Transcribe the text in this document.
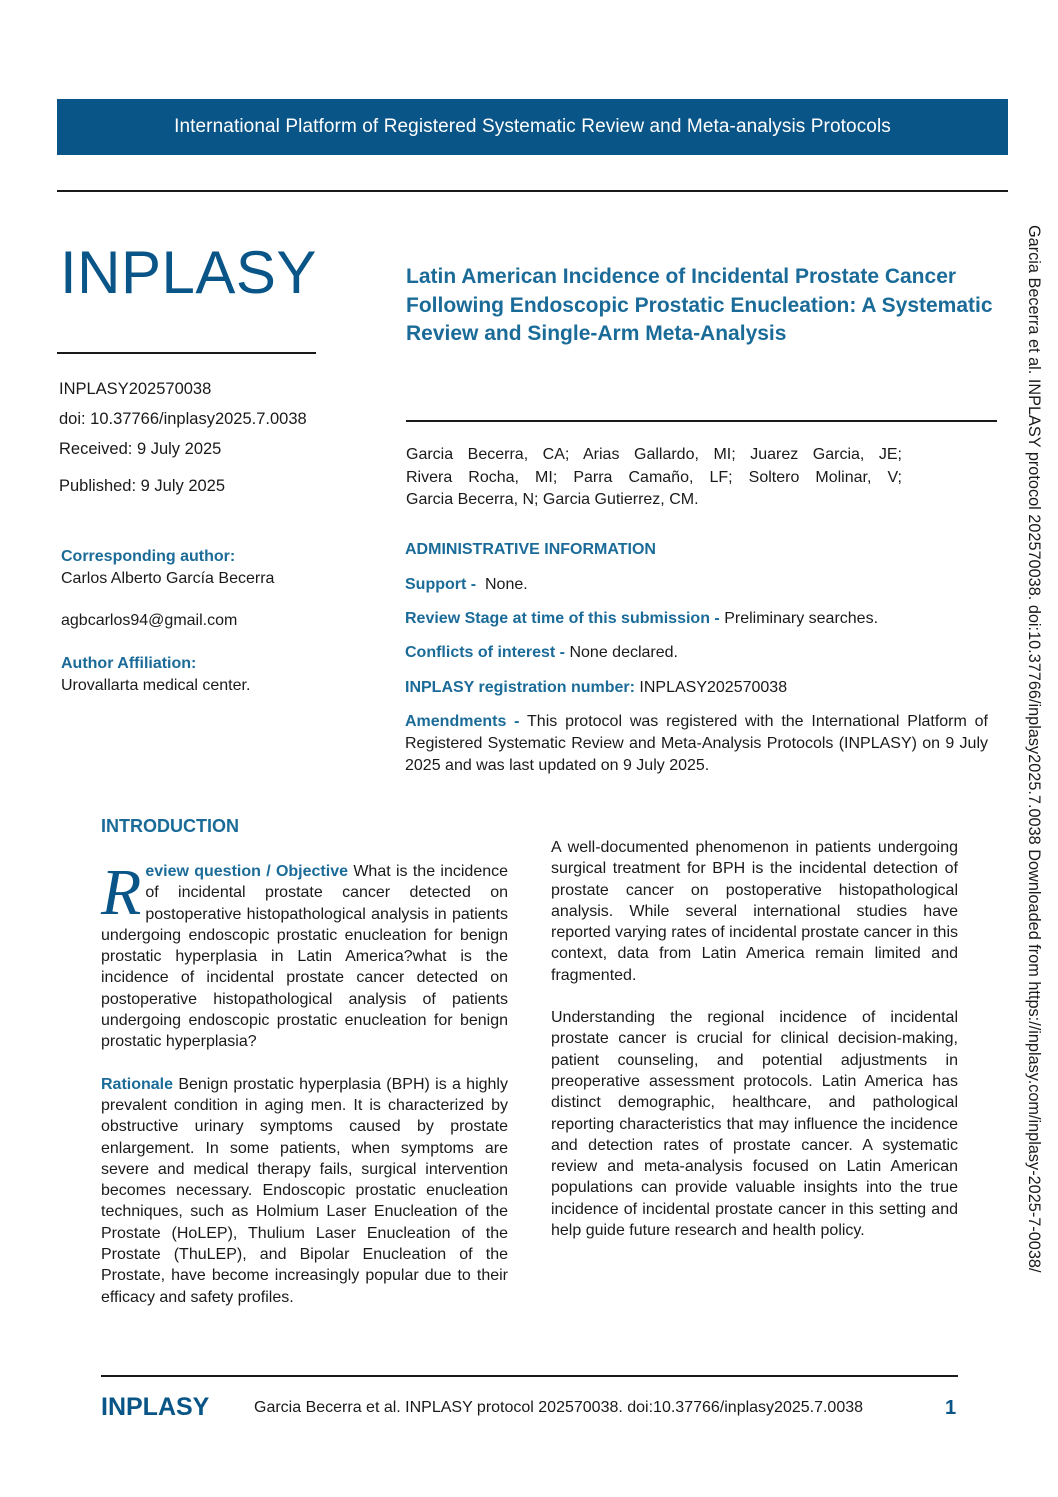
International Platform of Registered Systematic Review and Meta-analysis Protocols
INPLASY	Latin American Incidence of Incidental Prostate Cancer Following Endoscopic Prostatic Enucleation: A Systematic Review and Single-Arm Meta-Analysis
INPLASY202570038
doi: 10.37766/inplasy2025.7.0038
Received: 9 July 2025
Published: 9 July 2025
Garcia Becerra, CA; Arias Gallardo, MI; Juarez Garcia, JE;
Rivera Rocha, MI; Parra Camaño, LF; Soltero Molinar, V;
Garcia Becerra, N; Garcia Gutierrez, CM.
Corresponding author:
Carlos Alberto García Becerra
agbcarlos94@gmail.com
Author Affiliation:
Urovallarta medical center.
ADMINISTRATIVE INFORMATION
Support - None.
Review Stage at time of this submission - Preliminary searches.
Conflicts of interest - None declared.
INPLASY registration number: INPLASY202570038
Amendments - This protocol was registered with the International Platform of Registered Systematic Review and Meta-Analysis Protocols (INPLASY) on 9 July 2025 and was last updated on 9 July 2025.
INTRODUCTION

Review question / Objective What is the incidence of incidental prostate cancer detected on postoperative histopathological analysis in patients undergoing endoscopic prostatic enucleation for benign prostatic hyperplasia in Latin America?what is the incidence of incidental prostate cancer detected on postoperative histopathological analysis of patients undergoing endoscopic prostatic enucleation for benign prostatic hyperplasia?

Rationale Benign prostatic hyperplasia (BPH) is a highly prevalent condition in aging men. It is characterized by obstructive urinary symptoms caused by prostate enlargement. In some patients, when symptoms are severe and medical therapy fails, surgical intervention becomes necessary. Endoscopic prostatic enucleation techniques, such as Holmium Laser Enucleation of the Prostate (HoLEP), Thulium Laser Enucleation of the Prostate (ThuLEP), and Bipolar Enucleation of the Prostate, have become increasingly popular due to their efficacy and safety profiles.

A well-documented phenomenon in patients undergoing surgical treatment for BPH is the incidental detection of prostate cancer on postoperative histopathological analysis. While several international studies have reported varying rates of incidental prostate cancer in this context, data from Latin America remain limited and fragmented.

Understanding the regional incidence of incidental prostate cancer is crucial for clinical decision-making, patient counseling, and potential adjustments in preoperative assessment protocols. Latin America has distinct demographic, healthcare, and pathological reporting characteristics that may influence the incidence and detection rates of prostate cancer. A systematic review and meta-analysis focused on Latin American populations can provide valuable insights into the true incidence of incidental prostate cancer in this setting and help guide future research and health policy.

INPLASY	Garcia Becerra et al. INPLASY protocol 202570038. doi:10.37766/inplasy2025.7.0038	1
Garcia Becerra et al. INPLASY protocol 202570038. doi:10.37766/inplasy2025.7.0038 Downloaded from https://inplasy.com/inplasy-2025-7-0038/
